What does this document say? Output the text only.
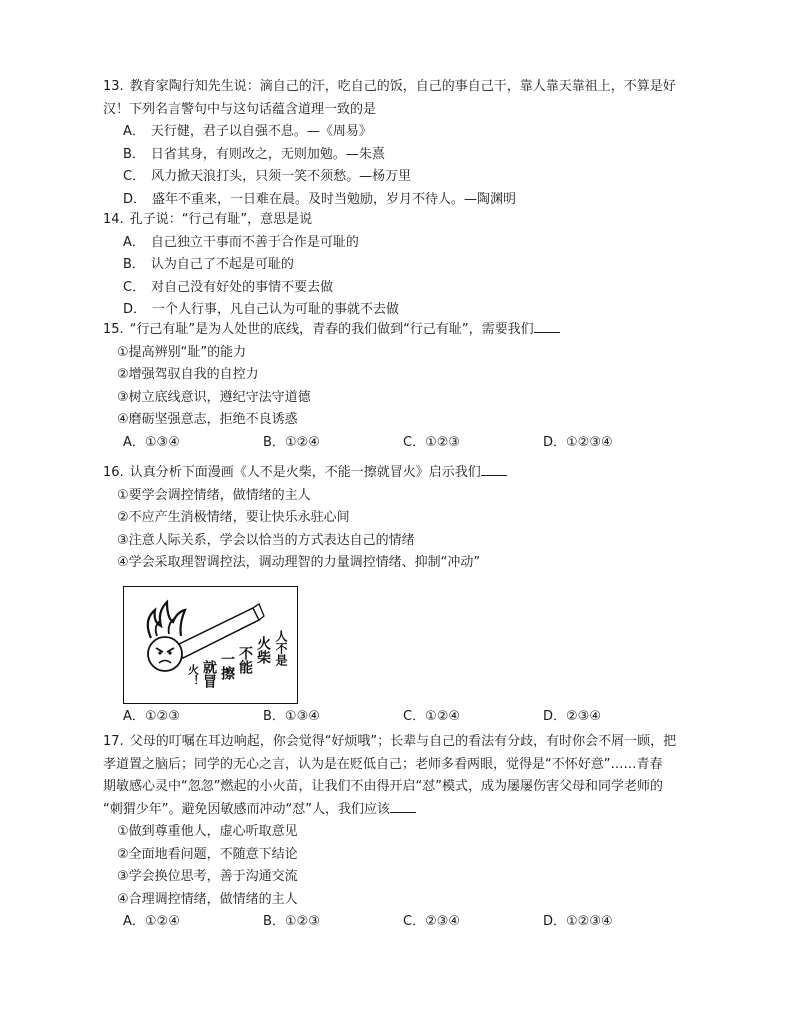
13. 教育家陶行知先生说：滴自己的汗，吃自己的饭，自己的事自己干，靠人靠天靠祖上，不算是好

汉！下列名言警句中与这句话蕴含道理一致的是

A． 天行健，君子以自强不息。—《周易》

B． 日省其身，有则改之，无则加勉。—朱熹

C． 风力掀天浪打头，只须一笑不须愁。—杨万里

D． 盛年不重来，一日难在晨。及时当勉励，岁月不待人。—陶渊明

14. 孔子说：“行己有耻”，意思是说

A． 自己独立干事而不善于合作是可耻的

B． 认为自己了不起是可耻的

C． 对自己没有好处的事情不要去做

D． 一个人行事，凡自己认为可耻的事就不去做

15. “行己有耻”是为人处世的底线，青春的我们做到“行己有耻”，需要我们

①提高辨别“耻”的能力

②增强驾驭自我的自控力

③树立底线意识，遵纪守法守道德

④磨砺坚强意志，拒绝不良诱惑

A．①③④	B．①②④	C．①②③	D．①②③④

16. 认真分析下面漫画《人不是火柴，不能一擦就冒火》启示我们

①要学会调控情绪，做情绪的主人

②不应产生消极情绪，要让快乐永驻心间

③注意人际关系，学会以恰当的方式表达自己的情绪

④学会采取理智调控法，调动理智的力量调控情绪、抑制“冲动”

人不是
火柴
不能
一擦
就冒
火！
A．①②③	B．①③④	C．①②④	D．②③④

17. 父母的叮嘱在耳边响起，你会觉得“好烦哦”；长辈与自己的看法有分歧，有时你会不屑一顾，把

孝道置之脑后；同学的无心之言，认为是在贬低自己；老师多看两眼，觉得是“不怀好意”……青春

期敏感心灵中“忽忽”燃起的小火苗，让我们不由得开启“怼”模式，成为屡屡伤害父母和同学老师的

“刺猬少年”。避免因敏感而冲动“怼”人，我们应该

①做到尊重他人，虚心听取意见

②全面地看问题，不随意下结论

③学会换位思考，善于沟通交流

④合理调控情绪，做情绪的主人

A．①②④	B．①②③	C．②③④	D．①②③④
